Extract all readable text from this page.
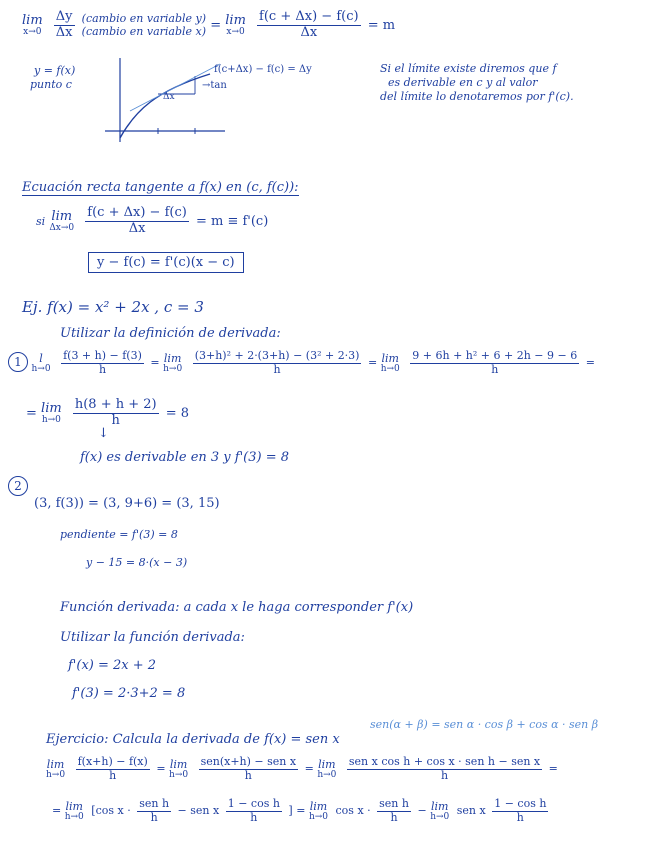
lim
x→0
$\frac{\Delta y}{\Delta x}$
(cambio en variable y)
(cambio en variable x) = lim
x→0
$\frac{f(c + \Delta x) - f(c)}{\Delta x} = m$
y = f(x)
punto c
Δx
f(c+Δx) − f(c) = Δy
→tan
Si el límite existe diremos que f
es derivable en c y al valor
del límite lo denotaremos por f'(c).
Ecuación recta tangente a f(x) en (c, f(c)):
si lim
Δx→0
$\frac{f(c + \Delta x) - f(c)}{\Delta x} = m \equiv f'(c)$
y − f(c) = f'(c)(x − c)
Ej. f(x) = x² + 2x , c = 3
Utilizar la definición de derivada:
1 l
h→0
$\frac{f(3 + h) - f(3)}{h} = \lim$
h→0
$\frac{\text{(3+h)² + 2·(3+h) − (3² + 2·3)}}{h} = \lim$
h→0
$\frac{\text{9 + 6h + h² + 6 + 2h − 9 − 6}}{h}$ =
= lim
h→0
$\frac{h(8 + h + 2)}{h} = 8$
↓
f(x) es derivable en 3 y f'(3) = 8
2
(3, f(3)) = (3, 9+6) = (3, 15)
pendiente = f'(3) = 8
y − 15 = 8·(x − 3)
Función derivada: a cada x le haga corresponder f'(x)
Utilizar la función derivada:
f'(x) = 2x + 2
f'(3) = 2·3+2 = 8
Ejercicio: Calcula la derivada de f(x) = sen x
sen(α + β) = sen α · cos β + cos α · sen β
lim
h→0
$\frac{f(x+h) - f(x)}{h} = \lim$
h→0
$\frac{\text{sen(x+h) − sen x}}{h} = \lim$
h→0
$\frac{\text{sen x cos h + cos x · sen h − sen x}}{h}$ =
= lim
h→0 [cos $x \cdot \frac{\text{sen h}}{h}$ − sen x $\frac{\text{1 − cos h}}{h}$ ] = lim
h→0 $\cos x \cdot \frac{\text{sen h}}{h} - \lim$
h→0 sen x $\frac{\text{1 − cos h}}{h}$
